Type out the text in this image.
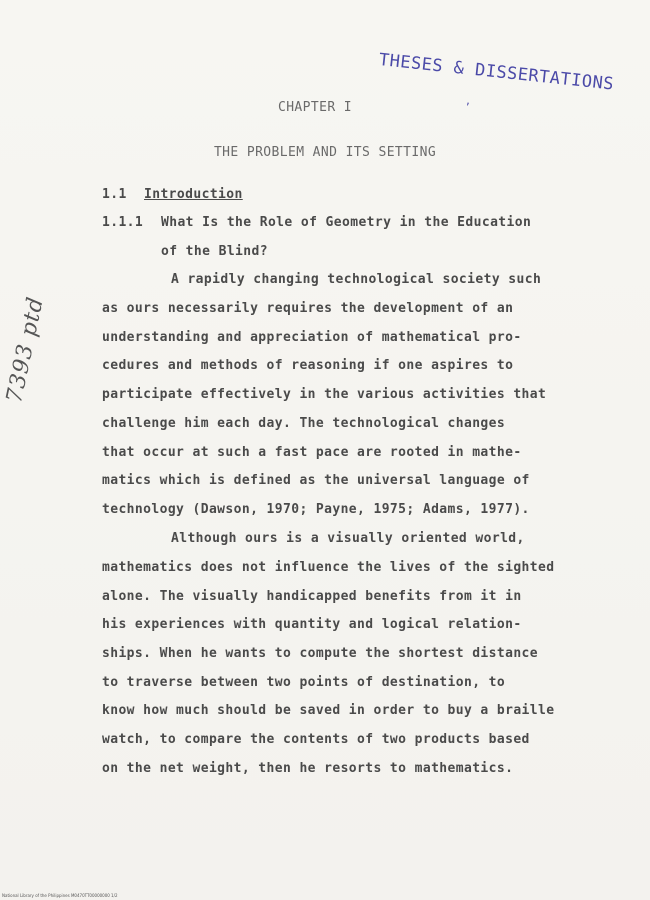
THESES & DISSERTATIONS
,
7393 ptd
CHAPTER I
THE PROBLEM AND ITS SETTING
1.1 Introduction
1.1.1 What Is the Role of Geometry in the Education
of the Blind?
A rapidly changing technological society such
as ours necessarily requires the development of an
understanding and appreciation of mathematical pro-
cedures and methods of reasoning if one aspires to
participate effectively in the various activities that
challenge him each day. The technological changes
that occur at such a fast pace are rooted in mathe-
matics which is defined as the universal language of
technology (Dawson, 1970; Payne, 1975; Adams, 1977).
Although ours is a visually oriented world,
mathematics does not influence the lives of the sighted
alone. The visually handicapped benefits from it in
his experiences with quantity and logical relation-
ships. When he wants to compute the shortest distance
to traverse between two points of destination, to
know how much should be saved in order to buy a braille
watch, to compare the contents of two products based
on the net weight, then he resorts to mathematics.
National Library of the Philippines M0470TT00000000 1/2
